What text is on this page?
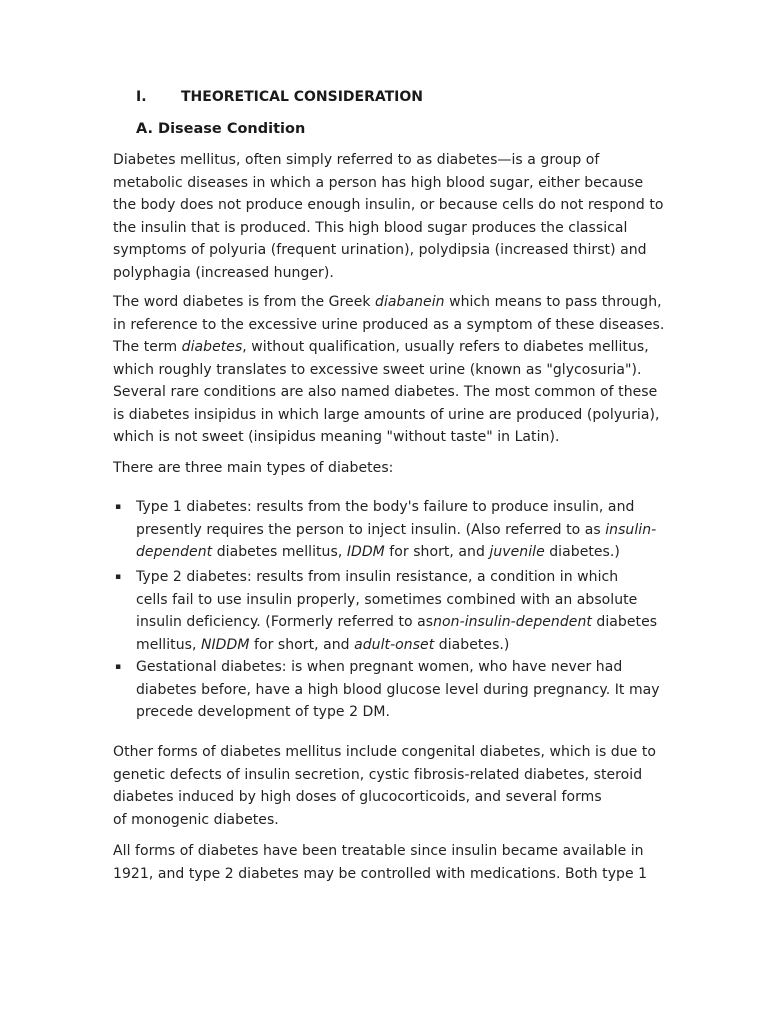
I. THEORETICAL CONSIDERATION
A. Disease Condition
Diabetes mellitus, often simply referred to as diabetes—is a group of
metabolic diseases in which a person has high blood sugar, either because
the body does not produce enough insulin, or because cells do not respond to
the insulin that is produced. This high blood sugar produces the classical
symptoms of polyuria (frequent urination), polydipsia (increased thirst) and
polyphagia (increased hunger).
The word diabetes is from the Greek diabanein which means to pass through,
in reference to the excessive urine produced as a symptom of these diseases.
The term diabetes, without qualification, usually refers to diabetes mellitus,
which roughly translates to excessive sweet urine (known as "glycosuria").
Several rare conditions are also named diabetes. The most common of these
is diabetes insipidus in which large amounts of urine are produced (polyuria),
which is not sweet (insipidus meaning "without taste" in Latin).
There are three main types of diabetes:
▪ Type 1 diabetes: results from the body's failure to produce insulin, and
presently requires the person to inject insulin. (Also referred to as insulin-
dependent diabetes mellitus, IDDM for short, and juvenile diabetes.)
▪ Type 2 diabetes: results from insulin resistance, a condition in which
cells fail to use insulin properly, sometimes combined with an absolute
insulin deficiency. (Formerly referred to asnon-insulin-dependent diabetes
mellitus, NIDDM for short, and adult-onset diabetes.)
▪ Gestational diabetes: is when pregnant women, who have never had
diabetes before, have a high blood glucose level during pregnancy. It may
precede development of type 2 DM.
Other forms of diabetes mellitus include congenital diabetes, which is due to
genetic defects of insulin secretion, cystic fibrosis-related diabetes, steroid
diabetes induced by high doses of glucocorticoids, and several forms
of monogenic diabetes.
All forms of diabetes have been treatable since insulin became available in
1921, and type 2 diabetes may be controlled with medications. Both type 1
